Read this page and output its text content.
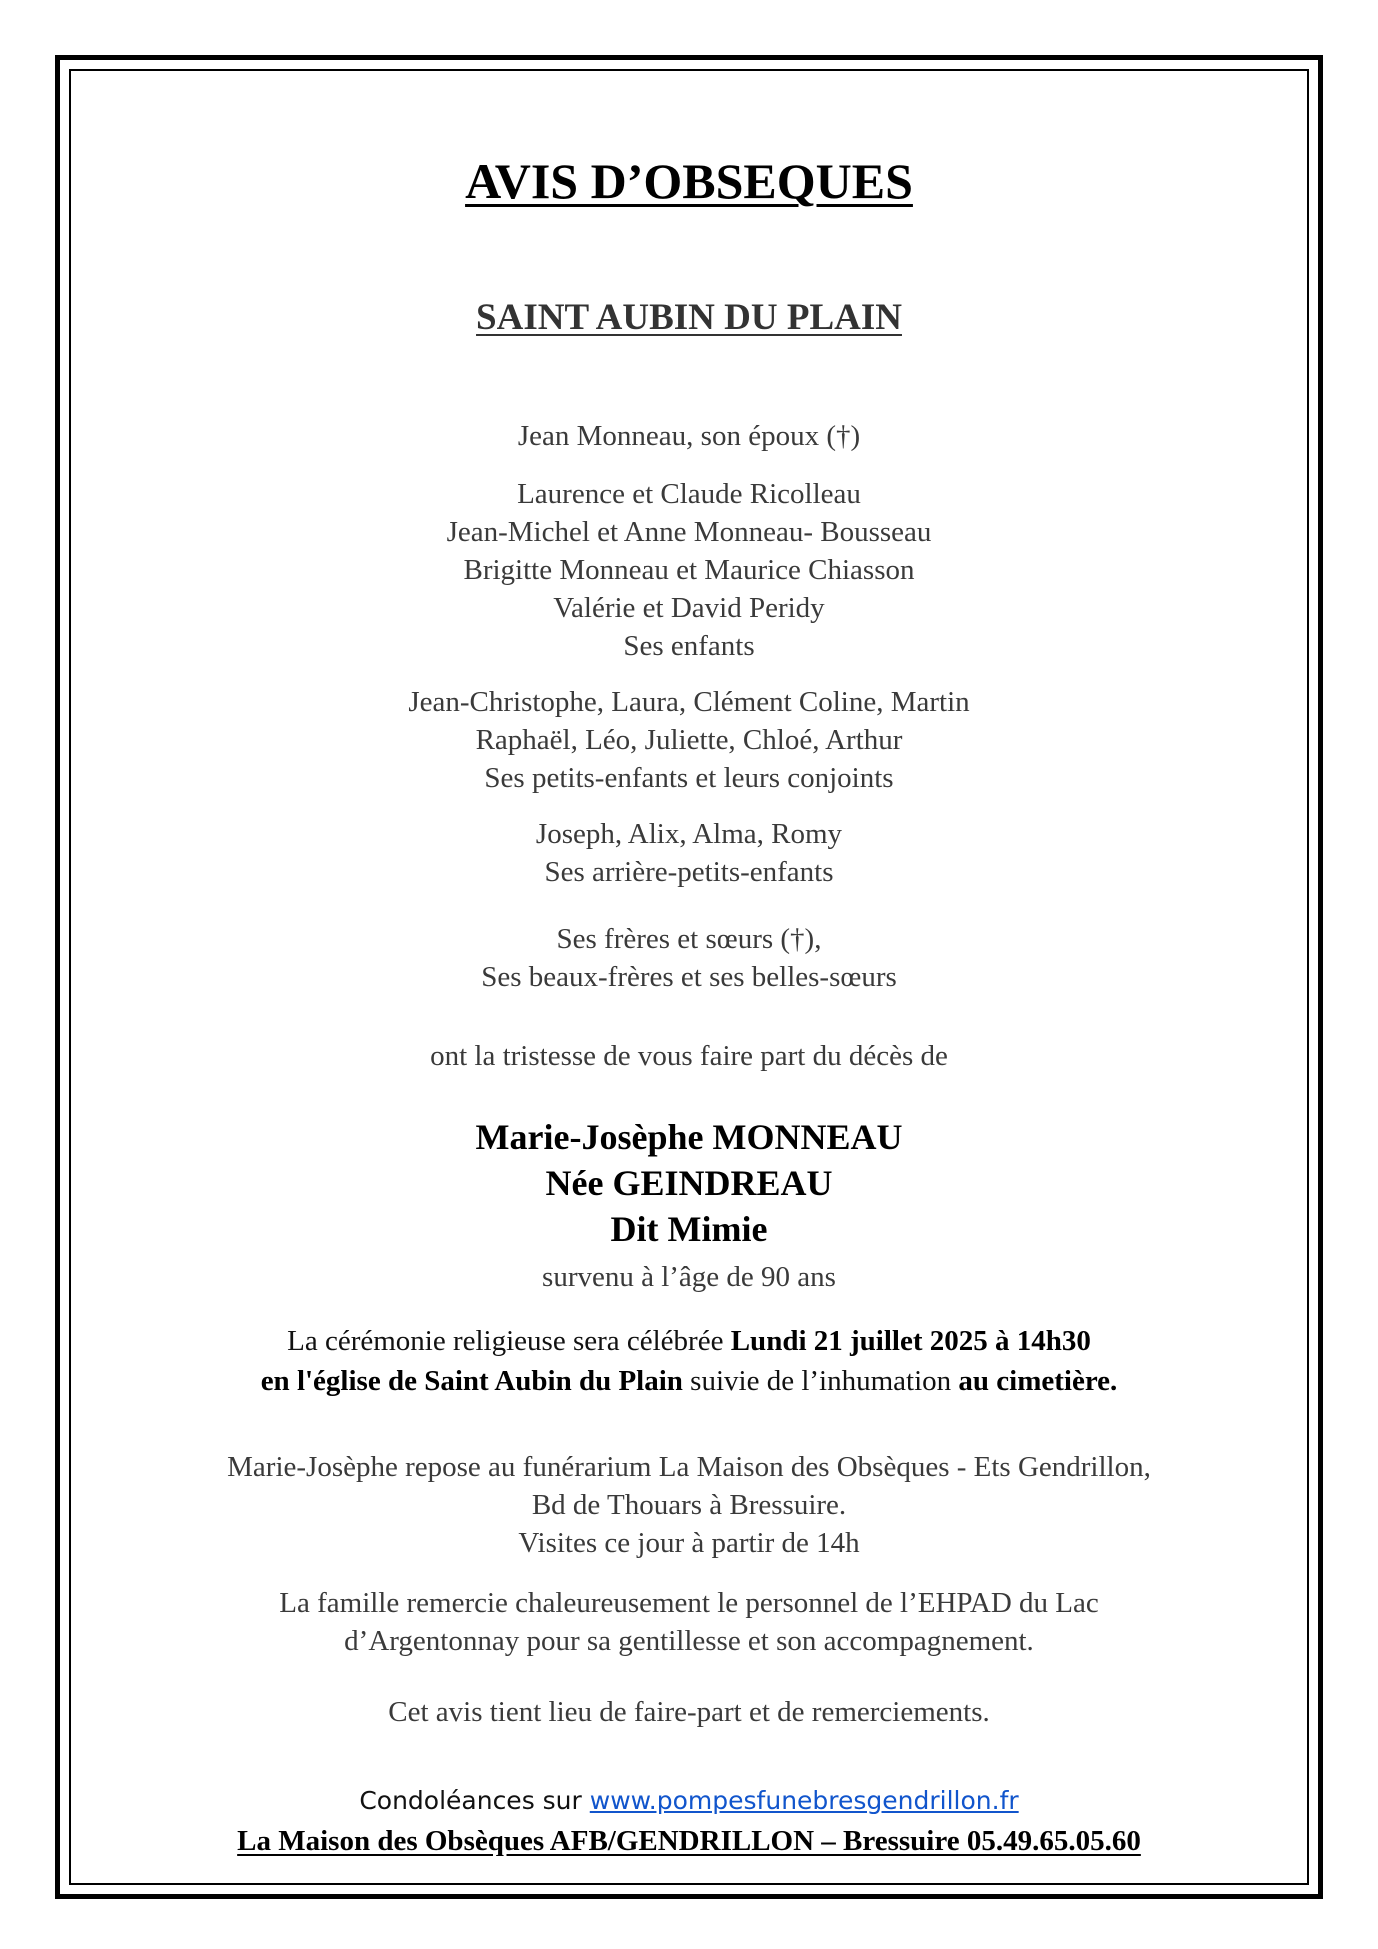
AVIS D’OBSEQUES
SAINT AUBIN DU PLAIN
Jean Monneau, son époux (†)
Laurence et Claude Ricolleau
Jean-Michel et Anne Monneau- Bousseau
Brigitte Monneau et Maurice Chiasson
Valérie et David Peridy
Ses enfants
Jean-Christophe, Laura, Clément Coline, Martin
Raphaël, Léo, Juliette, Chloé, Arthur
Ses petits-enfants et leurs conjoints
Joseph, Alix, Alma, Romy
Ses arrière-petits-enfants
Ses frères et sœurs (†),
Ses beaux-frères et ses belles-sœurs
ont la tristesse de vous faire part du décès de
Marie-Josèphe MONNEAU
Née GEINDREAU
Dit Mimie
survenu à l’âge de 90 ans
La cérémonie religieuse sera célébrée Lundi 21 juillet 2025 à 14h30
en l'église de Saint Aubin du Plain suivie de l’inhumation au cimetière.
Marie-Josèphe repose au funérarium La Maison des Obsèques - Ets Gendrillon,
Bd de Thouars à Bressuire.
Visites ce jour à partir de 14h
La famille remercie chaleureusement le personnel de l’EHPAD du Lac
d’Argentonnay pour sa gentillesse et son accompagnement.
Cet avis tient lieu de faire-part et de remerciements.
Condoléances sur www.pompesfunebresgendrillon.fr
La Maison des Obsèques AFB/GENDRILLON – Bressuire 05.49.65.05.60
